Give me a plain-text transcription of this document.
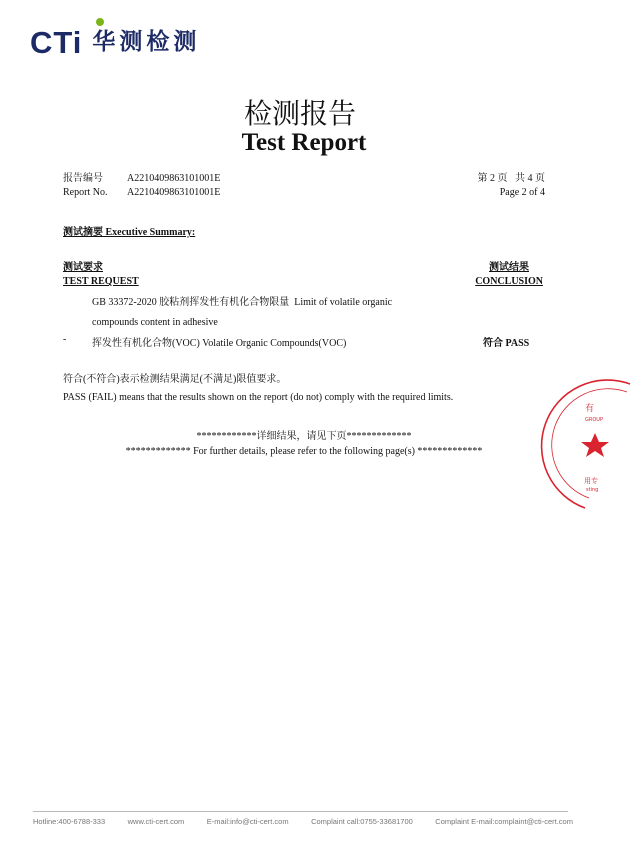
CTi 华测检测
检测报告
Test Report
报告编号 A2210409863101001E
Report No. A2210409863101001E
第 2 页   共 4 页
Page 2 of 4
测试摘要 Executive Summary:
测试要求
TEST REQUEST
测试结果
CONCLUSION
GB 33372-2020 胶粘剂挥发性有机化合物限量  Limit of volatile organic
compounds content in adhesive
-	挥发性有机化合物(VOC) Volatile Organic Compounds(VOC)	符合 PASS
符合(不符合)表示检测结果满足(不满足)限值要求。
PASS (FAIL) means that the results shown on the report (do not) comply with the required limits.
************详细结果，请见下页*************
************* For further details, please refer to the following page(s) *************
有
GROUP
用专
sting
Hotline:400-6788-333	www.cti-cert.com	E-mail:info@cti-cert.com	Complaint call:0755-33681700	Complaint E-mail:complaint@cti-cert.com
